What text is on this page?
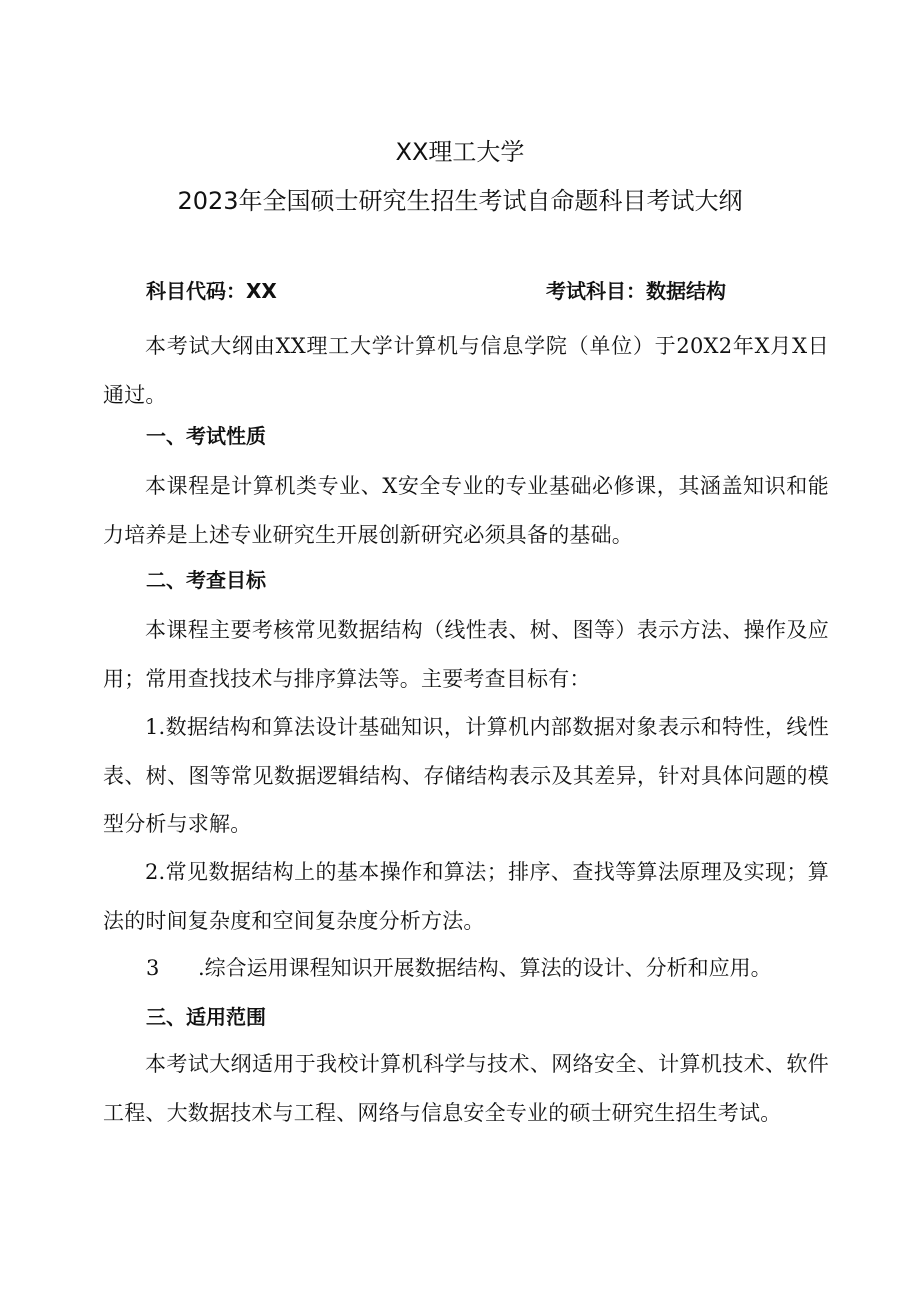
XX理工大学
2023年全国硕士研究生招生考试自命题科目考试大纲
科目代码：XX	考试科目：数据结构
本考试大纲由XX理工大学计算机与信息学院（单位）于20X2年X月X日通过。
一、考试性质
本课程是计算机类专业、X安全专业的专业基础必修课，其涵盖知识和能力培养是上述专业研究生开展创新研究必须具备的基础。
二、考查目标
本课程主要考核常见数据结构（线性表、树、图等）表示方法、操作及应用；常用查找技术与排序算法等。主要考查目标有：
1.数据结构和算法设计基础知识，计算机内部数据对象表示和特性，线性表、树、图等常见数据逻辑结构、存储结构表示及其差异，针对具体问题的模型分析与求解。
2.常见数据结构上的基本操作和算法；排序、查找等算法原理及实现；算法的时间复杂度和空间复杂度分析方法。
3 .综合运用课程知识开展数据结构、算法的设计、分析和应用。
三、适用范围
本考试大纲适用于我校计算机科学与技术、网络安全、计算机技术、软件工程、大数据技术与工程、网络与信息安全专业的硕士研究生招生考试。
